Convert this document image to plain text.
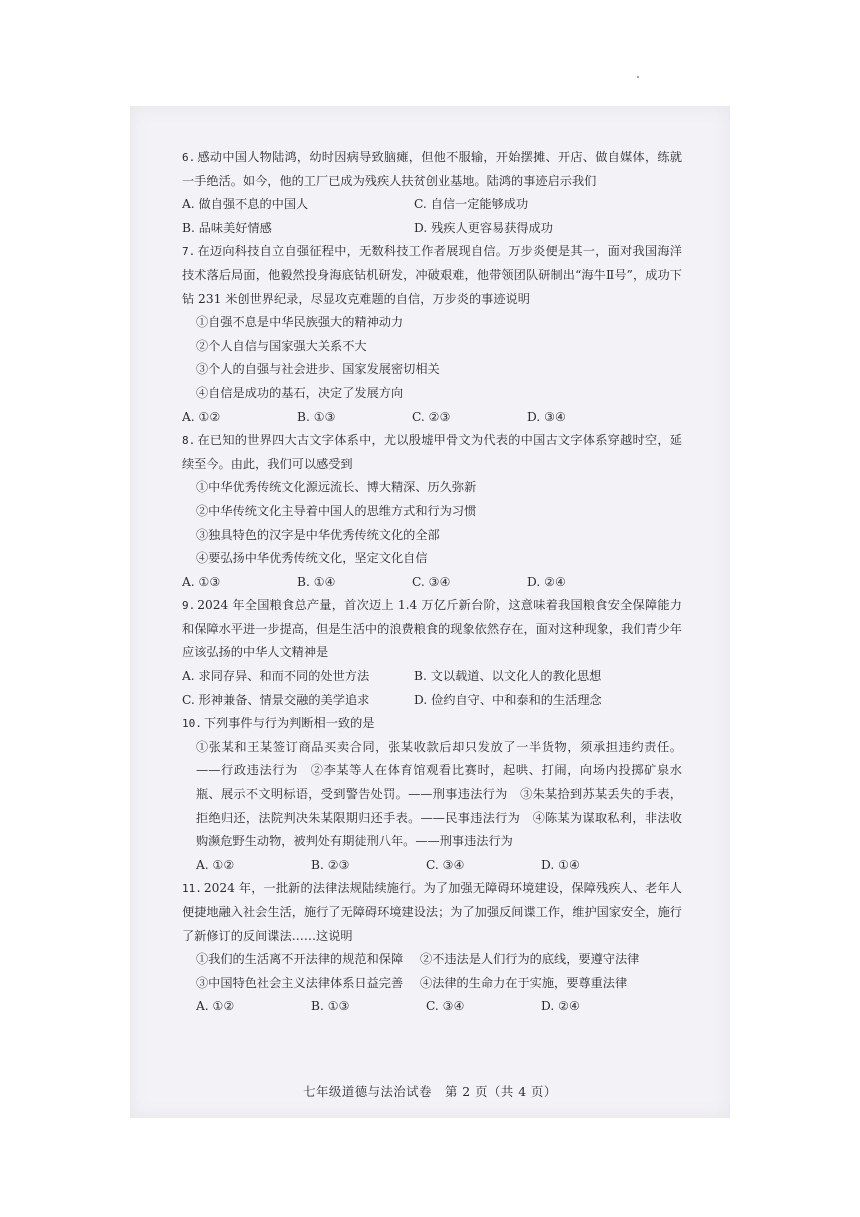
6. 感动中国人物陆鸿，幼时因病导致脑瘫，但他不服输，开始摆摊、开店、做自媒体，练就一手绝活。如今，他的工厂已成为残疾人扶贫创业基地。陆鸿的事迹启示我们

A. 做自强不息的中国人	C. 自信一定能够成功
B. 品味美好情感	D. 残疾人更容易获得成功

7. 在迈向科技自立自强征程中，无数科技工作者展现自信。万步炎便是其一，面对我国海洋技术落后局面，他毅然投身海底钻机研发，冲破艰难，他带领团队研制出“海牛Ⅱ号”，成功下钻 231 米创世界纪录，尽显攻克难题的自信，万步炎的事迹说明

①自强不息是中华民族强大的精神动力

②个人自信与国家强大关系不大

③个人的自强与社会进步、国家发展密切相关

④自信是成功的基石，决定了发展方向

A. ①②	B. ①③	C. ②③	D. ③④

8. 在已知的世界四大古文字体系中，尤以殷墟甲骨文为代表的中国古文字体系穿越时空，延续至今。由此，我们可以感受到

①中华优秀传统文化源远流长、博大精深、历久弥新

②中华传统文化主导着中国人的思维方式和行为习惯

③独具特色的汉字是中华优秀传统文化的全部

④要弘扬中华优秀传统文化，坚定文化自信

A. ①③	B. ①④	C. ③④	D. ②④

9. 2024 年全国粮食总产量，首次迈上 1.4 万亿斤新台阶，这意味着我国粮食安全保障能力和保障水平进一步提高，但是生活中的浪费粮食的现象依然存在，面对这种现象，我们青少年应该弘扬的中华人文精神是

A. 求同存异、和而不同的处世方法	B. 文以载道、以文化人的教化思想
C. 形神兼备、情景交融的美学追求	D. 俭约自守、中和泰和的生活理念

10. 下列事件与行为判断相一致的是

①张某和王某签订商品买卖合同，张某收款后却只发放了一半货物，须承担违约责任。——行政违法行为　②李某等人在体育馆观看比赛时，起哄、打闹，向场内投掷矿泉水瓶、展示不文明标语，受到警告处罚。——刑事违法行为　③朱某拾到苏某丢失的手表，拒绝归还，法院判决朱某限期归还手表。——民事违法行为　④陈某为谋取私利，非法收购濒危野生动物，被判处有期徒刑八年。——刑事违法行为

A. ①②	B. ②③	C. ③④	D. ①④

11. 2024 年，一批新的法律法规陆续施行。为了加强无障碍环境建设，保障残疾人、老年人便捷地融入社会生活，施行了无障碍环境建设法；为了加强反间谍工作，维护国家安全，施行了新修订的反间谍法……这说明

①我们的生活离不开法律的规范和保障	②不违法是人们行为的底线，要遵守法律
③中国特色社会主义法律体系日益完善	④法律的生命力在于实施，要尊重法律
A. ①②	B. ①③	C. ③④	D. ②④
七年级道德与法治试卷　第 2 页（共 4 页）
